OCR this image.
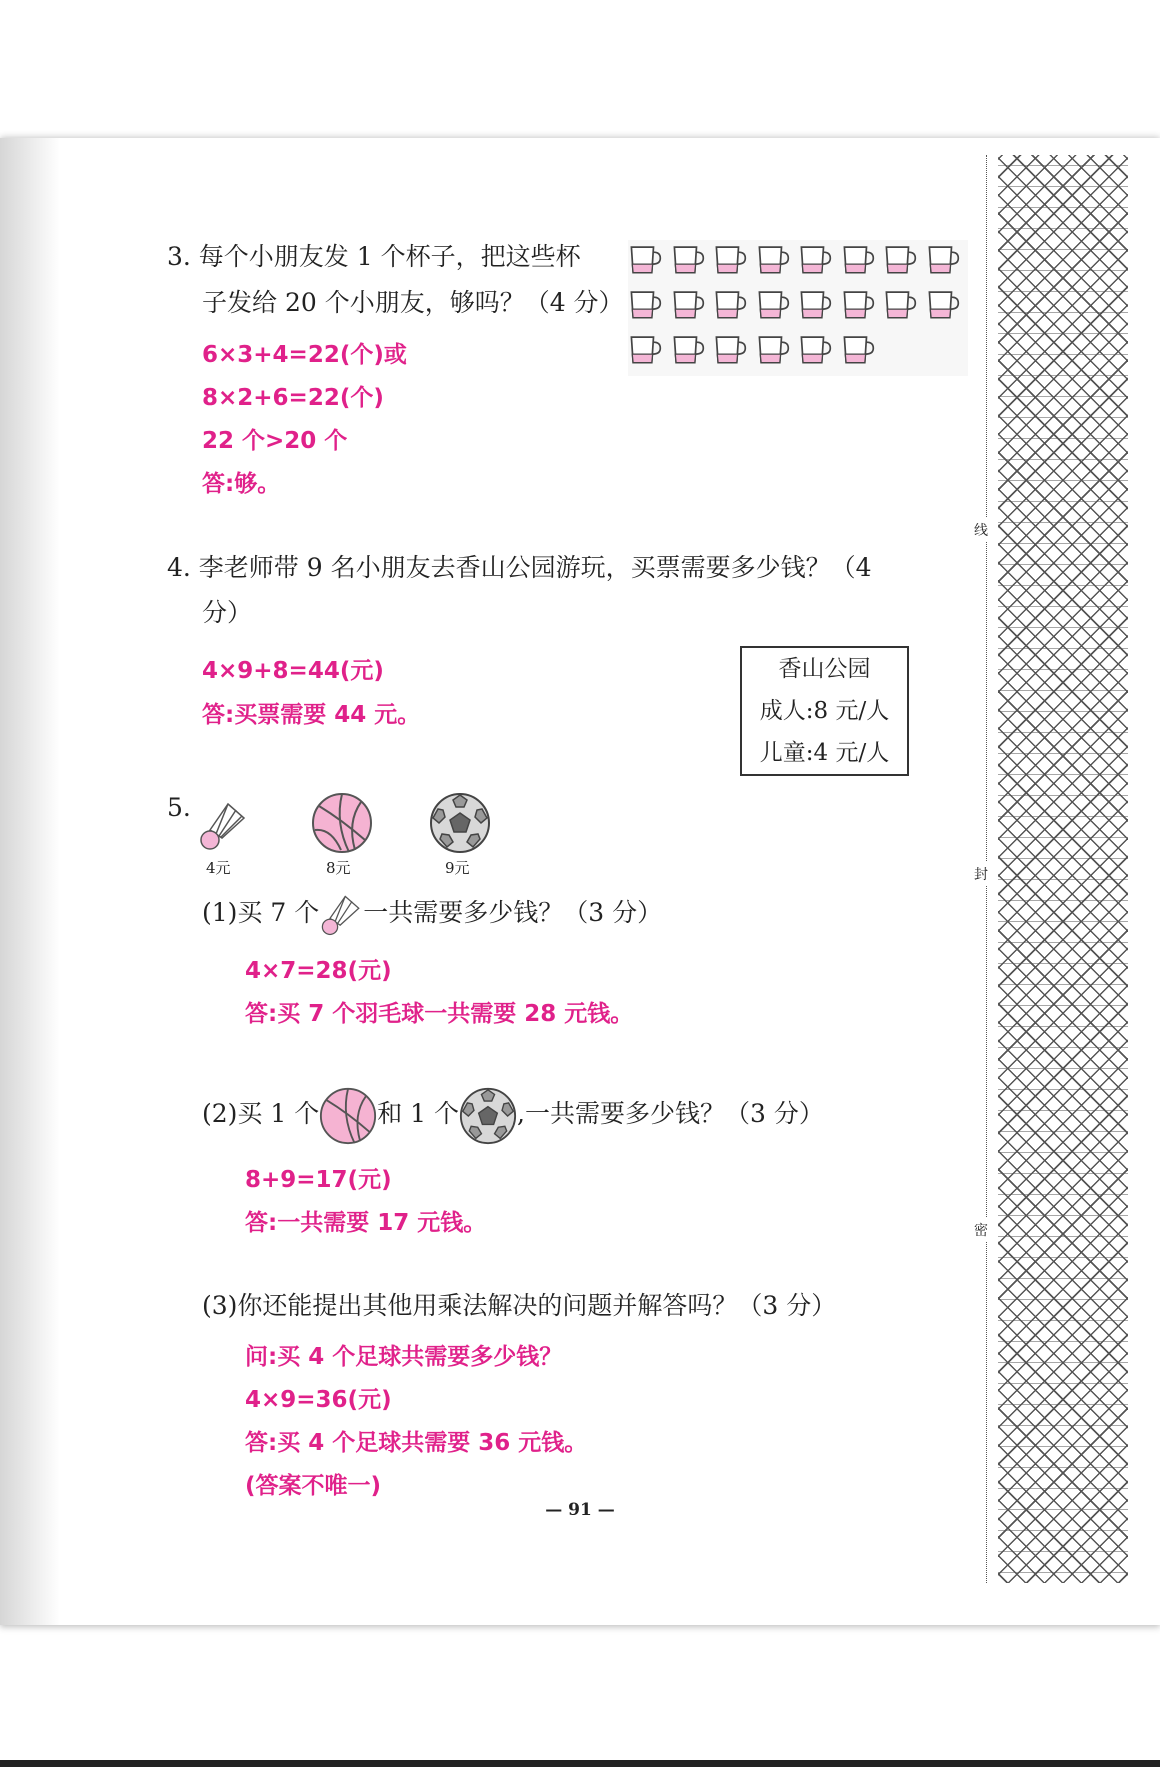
3. 每个小朋友发 1 个杯子，把这些杯
子发给 20 个小朋友，够吗？（4 分）
6×3+4=22(个)或
8×2+6=22(个)
22 个>20 个
答:够。
4. 李老师带 9 名小朋友去香山公园游玩，买票需要多少钱？（4
分）
4×9+8=44(元)
答:买票需要 44 元。
香山公园
成人:8 元/人
儿童:4 元/人
5.
4元	8元	9元
(1)买 7 个 一共需要多少钱？（3 分）
4×7=28(元)
答:买 7 个羽毛球一共需要 28 元钱。
(2)买 1 个 和 1 个 ,一共需要多少钱？（3 分）
8+9=17(元)
答:一共需要 17 元钱。
(3)你还能提出其他用乘法解决的问题并解答吗？（3 分）
问:买 4 个足球共需要多少钱？
4×9=36(元)
答:买 4 个足球共需要 36 元钱。
(答案不唯一)
— 91 —
线
封
密
